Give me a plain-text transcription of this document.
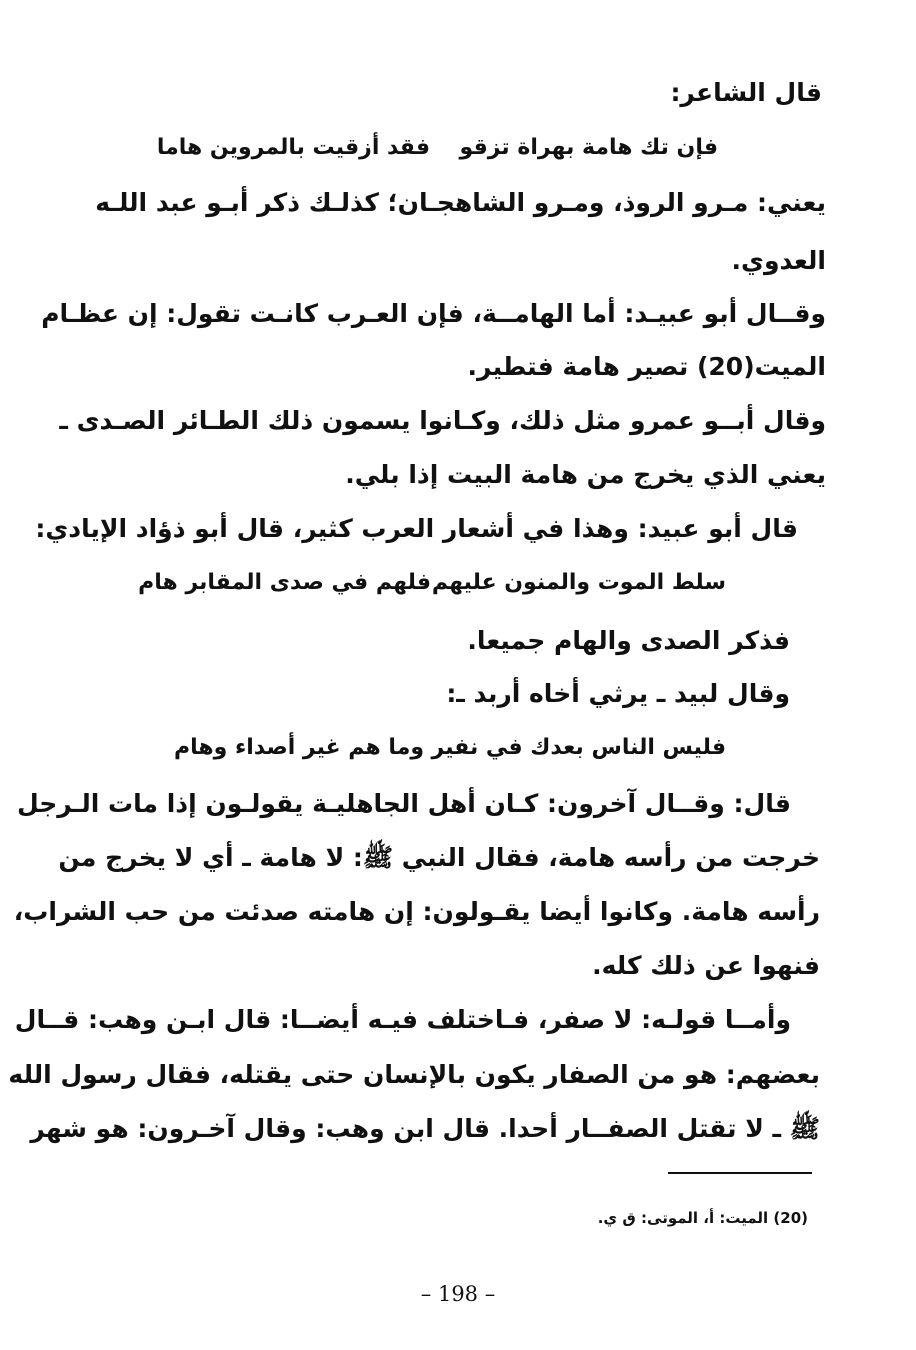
قال الشاعر:
فإن تك هامة بهراة تزقو
فقد أزقيت بالمروين هاما
يعني: مـرو الروذ، ومـرو الشاهجـان؛ كذلـك ذكر أبـو عبد اللـه
العدوي.
وقــال أبو عبيـد: أما الهامــة، فإن العـرب كانـت تقول: إن عظـام
الميت(20) تصير هامة فتطير.
وقال أبــو عمرو مثل ذلك، وكـانوا يسمون ذلك الطـائر الصـدى ـ
يعني الذي يخرج من هامة البيت إذا بلي.
قال أبو عبيد: وهذا في أشعار العرب كثير، قال أبو ذؤاد الإيادي:
سلط الموت والمنون عليهم
فلهم في صدى المقابر هام
فذكر الصدى والهام جميعا.
وقال لبيد ـ يرثي أخاه أربد ـ:
فليس الناس بعدك في نفير
وما هم غير أصداء وهام
قال: وقــال آخرون: كـان أهل الجاهليـة يقولـون إذا مات الـرجل
خرجت من رأسه هامة، فقال النبي ﷺ: لا هامة ـ أي لا يخرج من
رأسه هامة. وكانوا أيضا يقـولون: إن هامته صدئت من حب الشراب،
فنهوا عن ذلك كله.
وأمــا قولـه: لا صفر، فـاختلف فيـه أيضــا: قال ابـن وهب: قــال
بعضهم: هو من الصفار يكون بالإنسان حتى يقتله، فقال رسول الله
ﷺ ـ لا تقتل الصفــار أحدا. قال ابن وهب: وقال آخـرون: هو شهر
(20) الميت: أ، الموتى: ق ي.
– 198 –
